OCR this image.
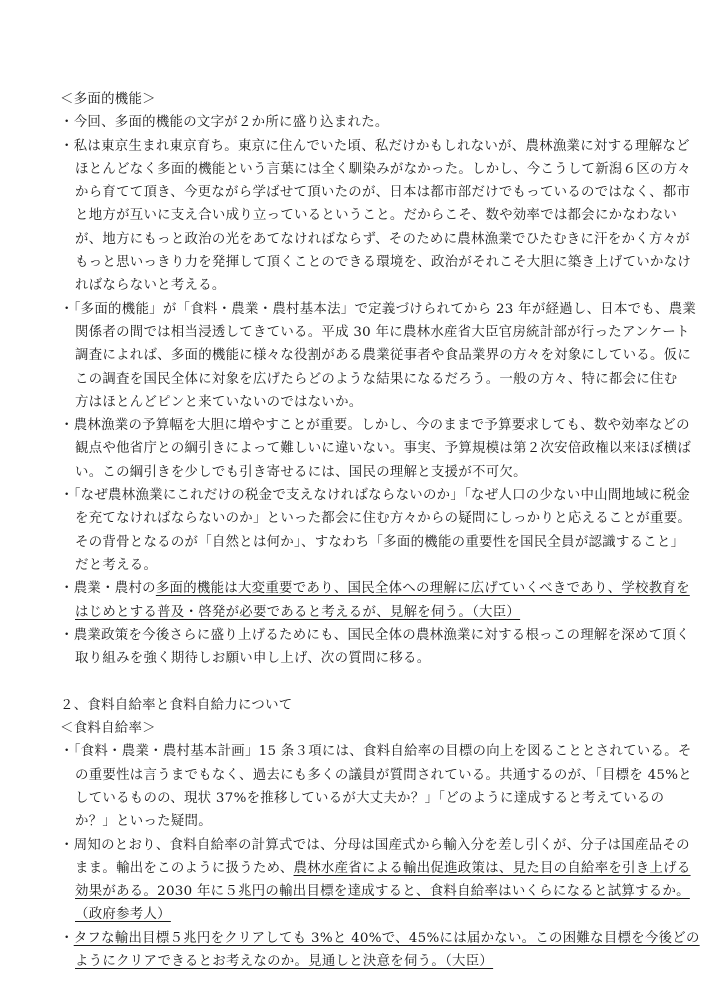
＜多面的機能＞
・今回、多面的機能の文字が２か所に盛り込まれた。
・私は東京生まれ東京育ち。東京に住んでいた頃、私だけかもしれないが、農林漁業に対する理解など
ほとんどなく多面的機能という言葉には全く馴染みがなかった。しかし、今こうして新潟６区の方々
から育てて頂き、今更ながら学ばせて頂いたのが、日本は都市部だけでもっているのではなく、都市
と地方が互いに支え合い成り立っているということ。だからこそ、数や効率では都会にかなわない
が、地方にもっと政治の光をあてなければならず、そのために農林漁業でひたむきに汗をかく方々が
もっと思いっきり力を発揮して頂くことのできる環境を、政治がそれこそ大胆に築き上げていかなけ
ればならないと考える。
・「多面的機能」が「食料・農業・農村基本法」で定義づけられてから 23 年が経過し、日本でも、農業
関係者の間では相当浸透してきている。平成 30 年に農林水産省大臣官房統計部が行ったアンケート
調査によれば、多面的機能に様々な役割がある農業従事者や食品業界の方々を対象にしている。仮に
この調査を国民全体に対象を広げたらどのような結果になるだろう。一般の方々、特に都会に住む
方はほとんどピンと来ていないのではないか。
・農林漁業の予算幅を大胆に増やすことが重要。しかし、今のままで予算要求しても、数や効率などの
観点や他省庁との綱引きによって難しいに違いない。事実、予算規模は第２次安倍政権以来ほぼ横ば
い。この綱引きを少しでも引き寄せるには、国民の理解と支援が不可欠。
・「なぜ農林漁業にこれだけの税金で支えなければならないのか」「なぜ人口の少ない中山間地域に税金
を充てなければならないのか」といった都会に住む方々からの疑問にしっかりと応えることが重要。
その背骨となるのが「自然とは何か」、すなわち「多面的機能の重要性を国民全員が認識すること」
だと考える。
・農業・農村の多面的機能は大変重要であり、国民全体への理解に広げていくべきであり、学校教育を
はじめとする普及・啓発が必要であると考えるが、見解を伺う。（大臣）
・農業政策を今後さらに盛り上げるためにも、国民全体の農林漁業に対する根っこの理解を深めて頂く
取り組みを強く期待しお願い申し上げ、次の質問に移る。
２、食料自給率と食料自給力について
＜食料自給率＞
・「食料・農業・農村基本計画」15 条３項には、食料自給率の目標の向上を図ることとされている。そ
の重要性は言うまでもなく、過去にも多くの議員が質問されている。共通するのが、「目標を 45%と
しているものの、現状 37%を推移しているが大丈夫か？」「どのように達成すると考えているの
か？」といった疑問。
・周知のとおり、食料自給率の計算式では、分母は国産式から輸入分を差し引くが、分子は国産品その
まま。輸出をこのように扱うため、農林水産省による輸出促進政策は、見た目の自給率を引き上げる
効果がある。2030 年に５兆円の輸出目標を達成すると、食料自給率はいくらになると試算するか。
（政府参考人）
・タフな輸出目標５兆円をクリアしても 3%と 40%で、45%には届かない。この困難な目標を今後どの
ようにクリアできるとお考えなのか。見通しと決意を伺う。（大臣）
